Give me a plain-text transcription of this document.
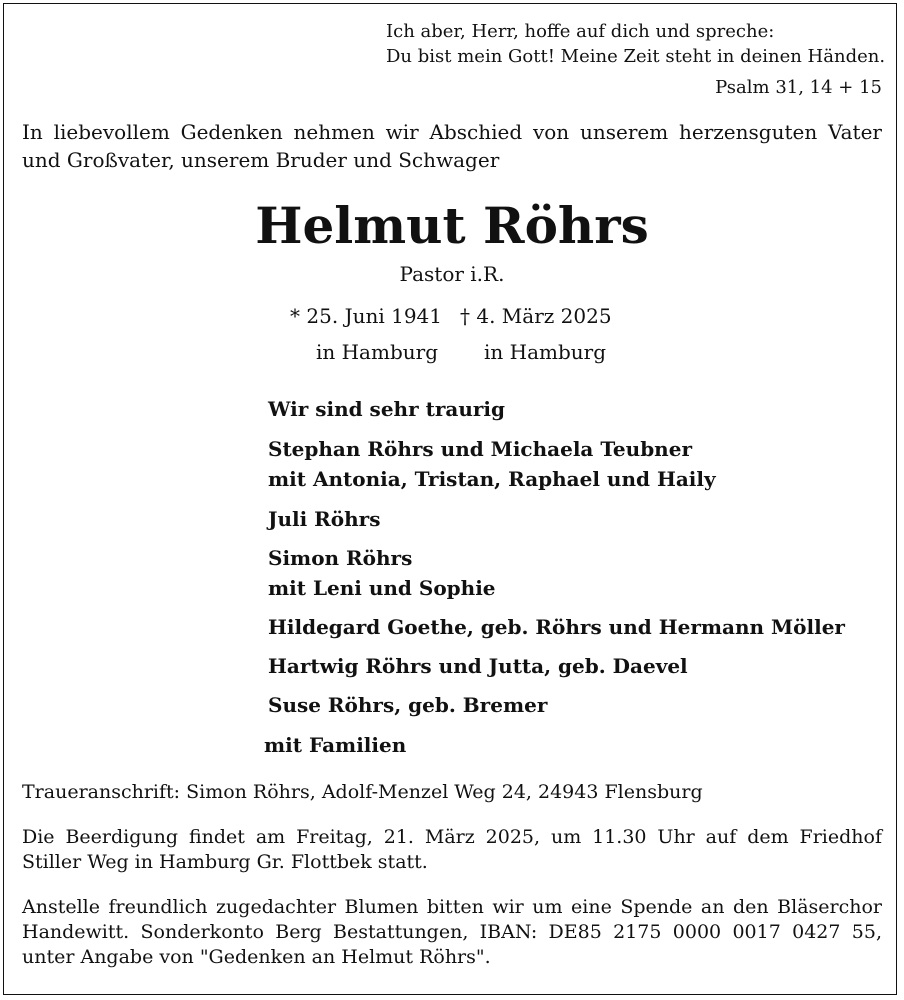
Ich aber, Herr, hoffe auf dich und spreche:
Du bist mein Gott! Meine Zeit steht in deinen Händen.
Psalm 31, 14 + 15
In liebevollem Gedenken nehmen wir Abschied von unserem herzensguten Vater und Großvater, unserem Bruder und Schwager
Helmut Röhrs
Pastor i.R.
* 25. Juni 1941 † 4. März 2025
in Hamburg in Hamburg
Wir sind sehr traurig
Stephan Röhrs und Michaela Teubner
mit Antonia, Tristan, Raphael und Haily
Juli Röhrs
Simon Röhrs
mit Leni und Sophie
Hildegard Goethe, geb. Röhrs und Hermann Möller
Hartwig Röhrs und Jutta, geb. Daevel
Suse Röhrs, geb. Bremer
mit Familien
Traueranschrift: Simon Röhrs, Adolf-Menzel Weg 24, 24943 Flensburg
Die Beerdigung findet am Freitag, 21. März 2025, um 11.30 Uhr auf dem Friedhof Stiller Weg in Hamburg Gr. Flottbek statt.
Anstelle freundlich zugedachter Blumen bitten wir um eine Spende an den Bläserchor Handewitt. Sonderkonto Berg Bestattungen, IBAN: DE85 2175 0000 0017 0427 55, unter Angabe von "Gedenken an Helmut Röhrs".
